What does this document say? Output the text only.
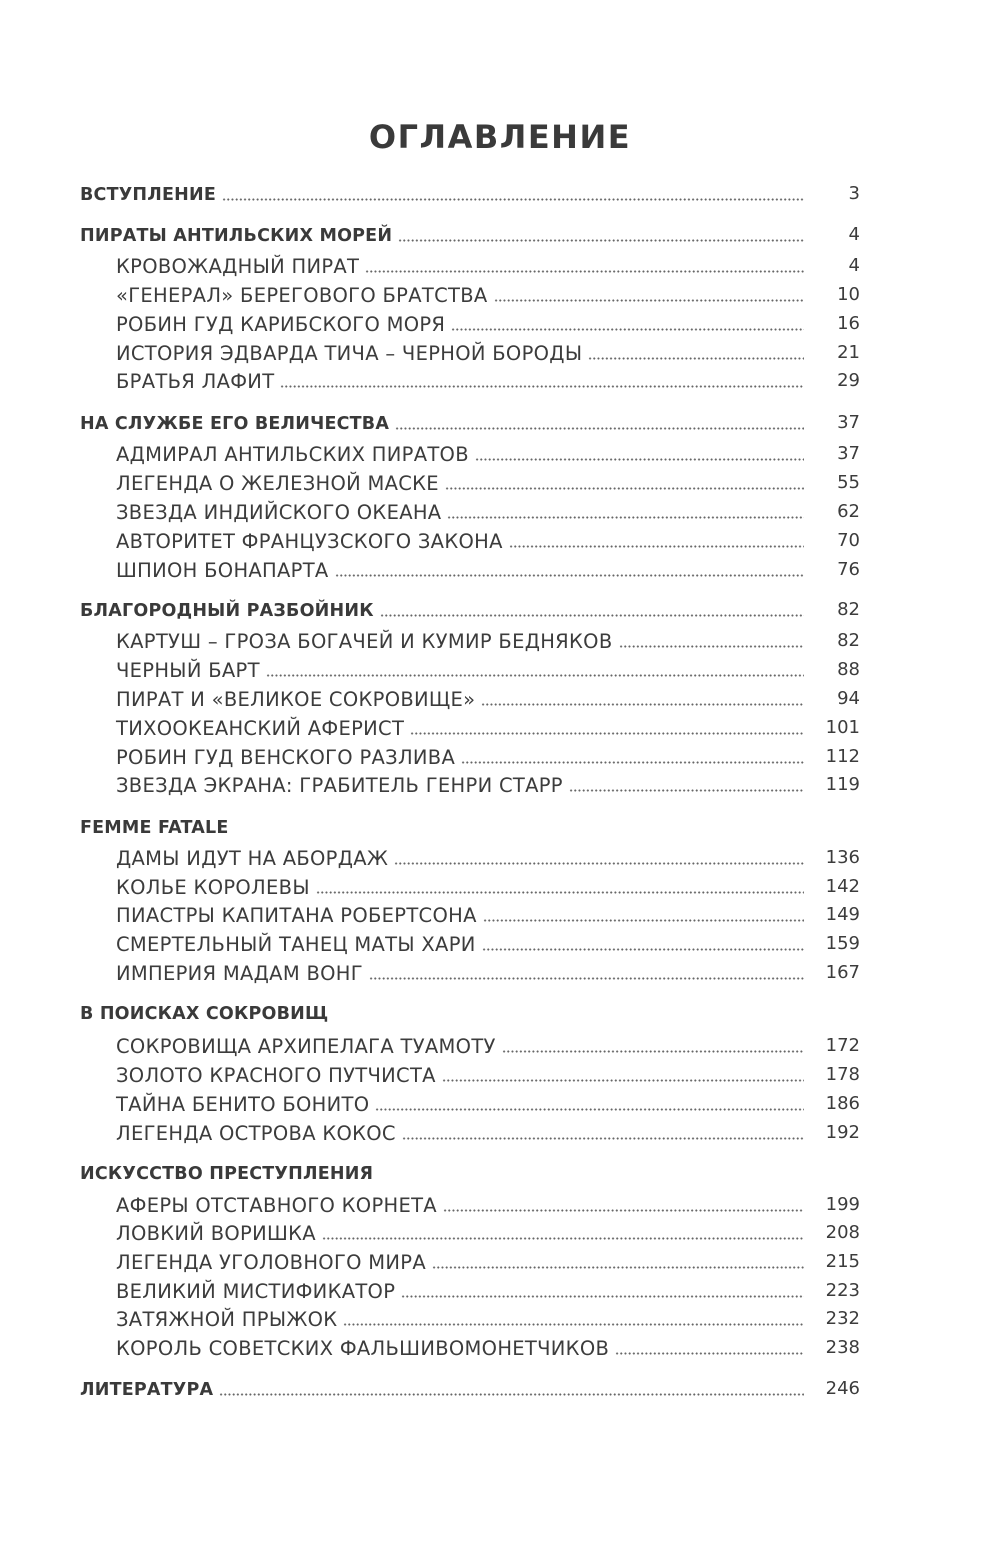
ОГЛАВЛЕНИЕ
ВСТУПЛЕНИЕ	3
ПИРАТЫ АНТИЛЬСКИХ МОРЕЙ	4
КРОВОЖАДНЫЙ ПИРАТ	4
«ГЕНЕРАЛ» БЕРЕГОВОГО БРАТСТВА	10
РОБИН ГУД КАРИБСКОГО МОРЯ	16
ИСТОРИЯ ЭДВАРДА ТИЧА – ЧЕРНОЙ БОРОДЫ	21
БРАТЬЯ ЛАФИТ	29
НА СЛУЖБЕ ЕГО ВЕЛИЧЕСТВА	37
АДМИРАЛ АНТИЛЬСКИХ ПИРАТОВ	37
ЛЕГЕНДА О ЖЕЛЕЗНОЙ МАСКЕ	55
ЗВЕЗДА ИНДИЙСКОГО ОКЕАНА	62
АВТОРИТЕТ ФРАНЦУЗСКОГО ЗАКОНА	70
ШПИОН БОНАПАРТА	76
БЛАГОРОДНЫЙ РАЗБОЙНИК	82
КАРТУШ – ГРОЗА БОГАЧЕЙ И КУМИР БЕДНЯКОВ	82
ЧЕРНЫЙ БАРТ	88
ПИРАТ И «ВЕЛИКОЕ СОКРОВИЩЕ»	94
ТИХООКЕАНСКИЙ АФЕРИСТ	101
РОБИН ГУД ВЕНСКОГО РАЗЛИВА	112
ЗВЕЗДА ЭКРАНА: ГРАБИТЕЛЬ ГЕНРИ СТАРР	119
FEMME FATALE
ДАМЫ ИДУТ НА АБОРДАЖ	136
КОЛЬЕ КОРОЛЕВЫ	142
ПИАСТРЫ КАПИТАНА РОБЕРТСОНА	149
СМЕРТЕЛЬНЫЙ ТАНЕЦ МАТЫ ХАРИ	159
ИМПЕРИЯ МАДАМ ВОНГ	167
В ПОИСКАХ СОКРОВИЩ
СОКРОВИЩА АРХИПЕЛАГА ТУАМОТУ	172
ЗОЛОТО КРАСНОГО ПУТЧИСТА	178
ТАЙНА БЕНИТО БОНИТО	186
ЛЕГЕНДА ОСТРОВА КОКОС	192
ИСКУССТВО ПРЕСТУПЛЕНИЯ
АФЕРЫ ОТСТАВНОГО КОРНЕТА	199
ЛОВКИЙ ВОРИШКА	208
ЛЕГЕНДА УГОЛОВНОГО МИРА	215
ВЕЛИКИЙ МИСТИФИКАТОР	223
ЗАТЯЖНОЙ ПРЫЖОК	232
КОРОЛЬ СОВЕТСКИХ ФАЛЬШИВОМОНЕТЧИКОВ	238
ЛИТЕРАТУРА	246
